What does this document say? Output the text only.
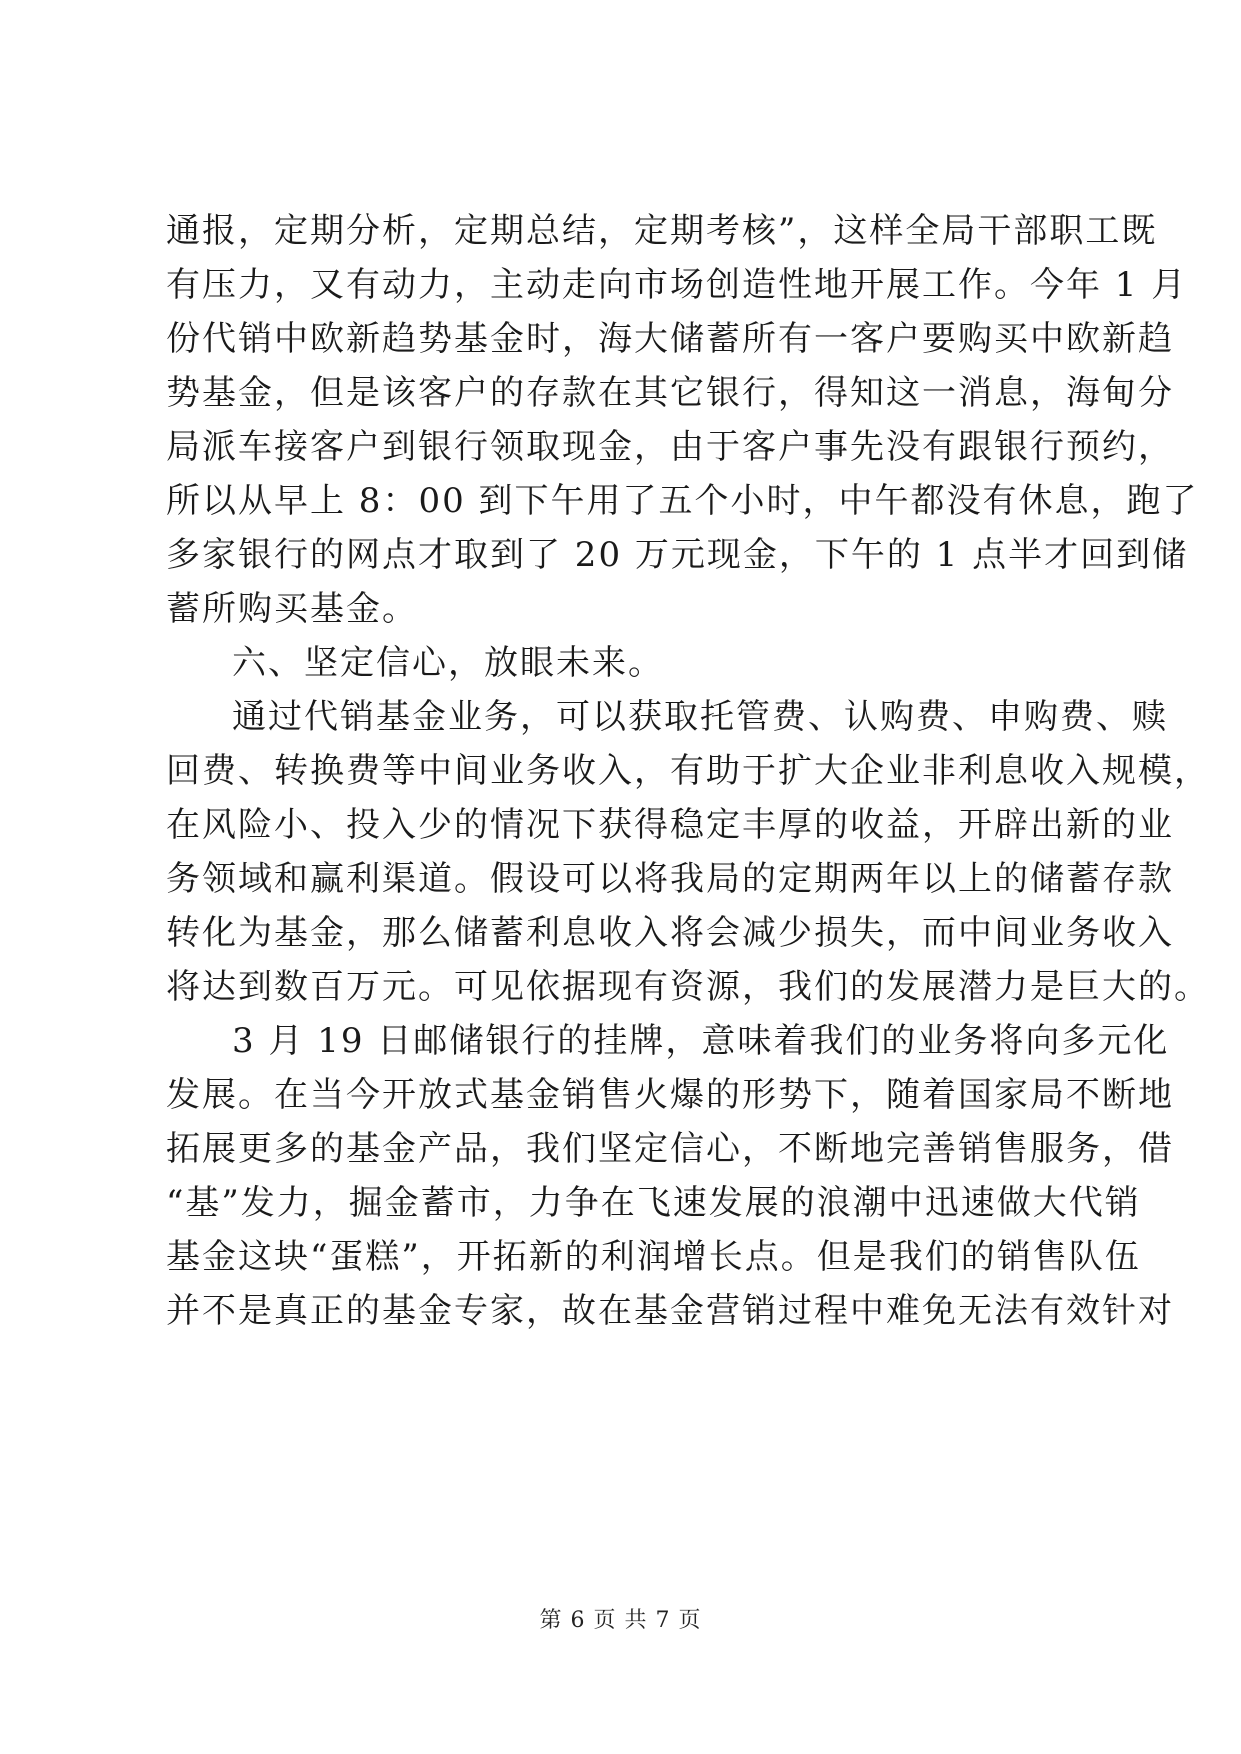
通报，定期分析，定期总结，定期考核”，这样全局干部职工既
有压力，又有动力，主动走向市场创造性地开展工作。今年 1 月
份代销中欧新趋势基金时，海大储蓄所有一客户要购买中欧新趋
势基金，但是该客户的存款在其它银行，得知这一消息，海甸分
局派车接客户到银行领取现金，由于客户事先没有跟银行预约，
所以从早上 8：00 到下午用了五个小时，中午都没有休息，跑了
多家银行的网点才取到了 20 万元现金，下午的 1 点半才回到储
蓄所购买基金。
六、坚定信心，放眼未来。
通过代销基金业务，可以获取托管费、认购费、申购费、赎
回费、转换费等中间业务收入，有助于扩大企业非利息收入规模，
在风险小、投入少的情况下获得稳定丰厚的收益，开辟出新的业
务领域和赢利渠道。假设可以将我局的定期两年以上的储蓄存款
转化为基金，那么储蓄利息收入将会减少损失，而中间业务收入
将达到数百万元。可见依据现有资源，我们的发展潜力是巨大的。
3 月 19 日邮储银行的挂牌，意味着我们的业务将向多元化
发展。在当今开放式基金销售火爆的形势下，随着国家局不断地
拓展更多的基金产品，我们坚定信心，不断地完善销售服务，借
“基”发力，掘金蓄市，力争在飞速发展的浪潮中迅速做大代销
基金这块“蛋糕”，开拓新的利润增长点。但是我们的销售队伍
并不是真正的基金专家，故在基金营销过程中难免无法有效针对
第 6 页 共 7 页
